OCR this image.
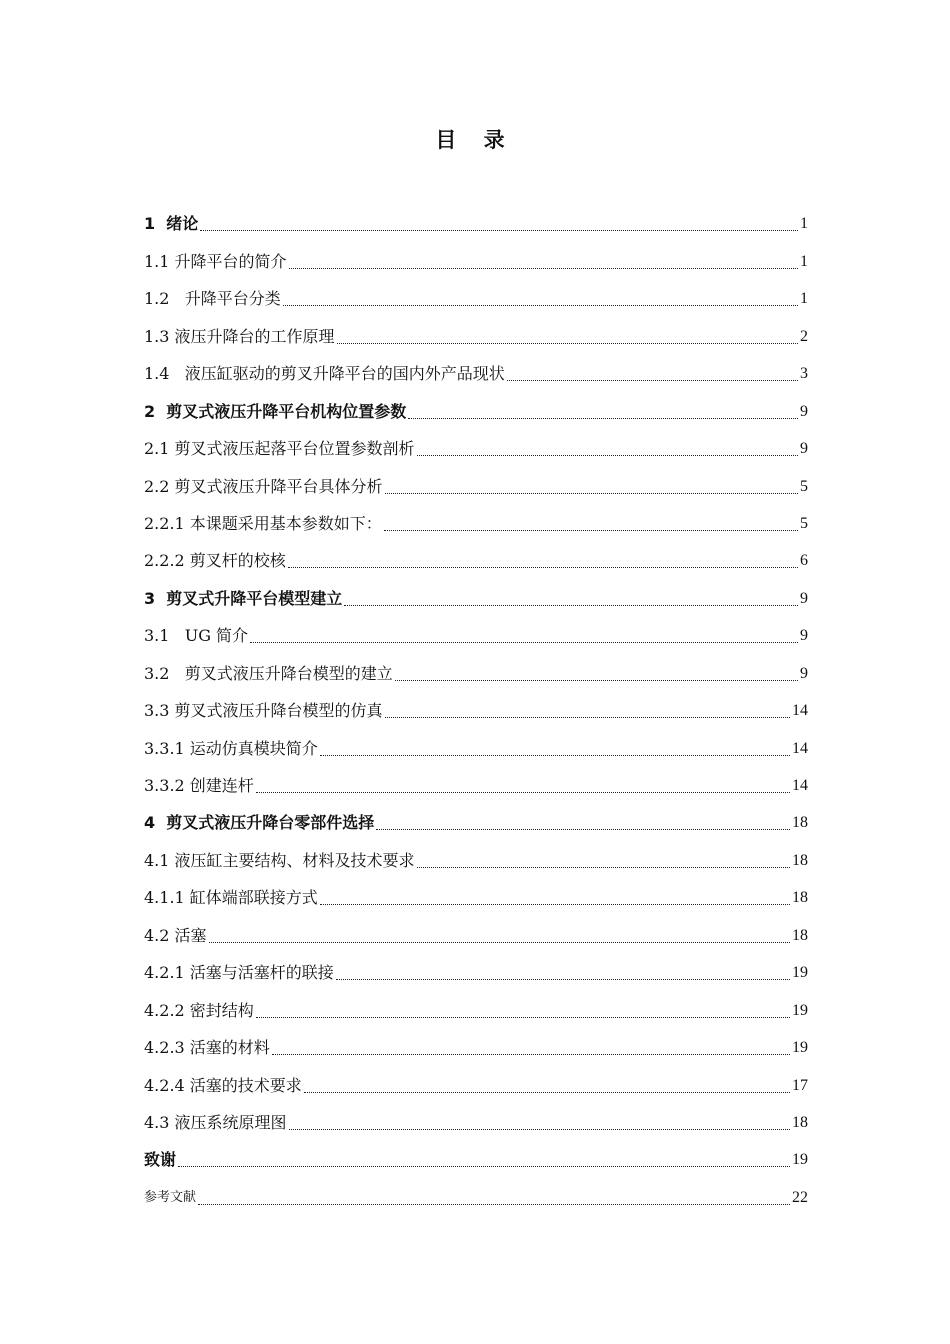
目 录
1  绪论	1
1.1 升降平台的简介	1
1.2   升降平台分类	1
1.3 液压升降台的工作原理	2
1.4   液压缸驱动的剪叉升降平台的国内外产品现状	3
2  剪叉式液压升降平台机构位置参数	9
2.1 剪叉式液压起落平台位置参数剖析	9
2.2 剪叉式液压升降平台具体分析	5
2.2.1 本课题采用基本参数如下：	5
2.2.2 剪叉杆的校核	6
3  剪叉式升降平台模型建立	9
3.1   UG 简介	9
3.2   剪叉式液压升降台模型的建立	9
3.3 剪叉式液压升降台模型的仿真	14
3.3.1 运动仿真模块简介	14
3.3.2 创建连杆	14
4  剪叉式液压升降台零部件选择	18
4.1 液压缸主要结构、材料及技术要求	18
4.1.1 缸体端部联接方式	18
4.2 活塞	18
4.2.1 活塞与活塞杆的联接	19
4.2.2 密封结构	19
4.2.3 活塞的材料	19
4.2.4 活塞的技术要求	17
4.3 液压系统原理图	18
致谢	19
参考文献	22
